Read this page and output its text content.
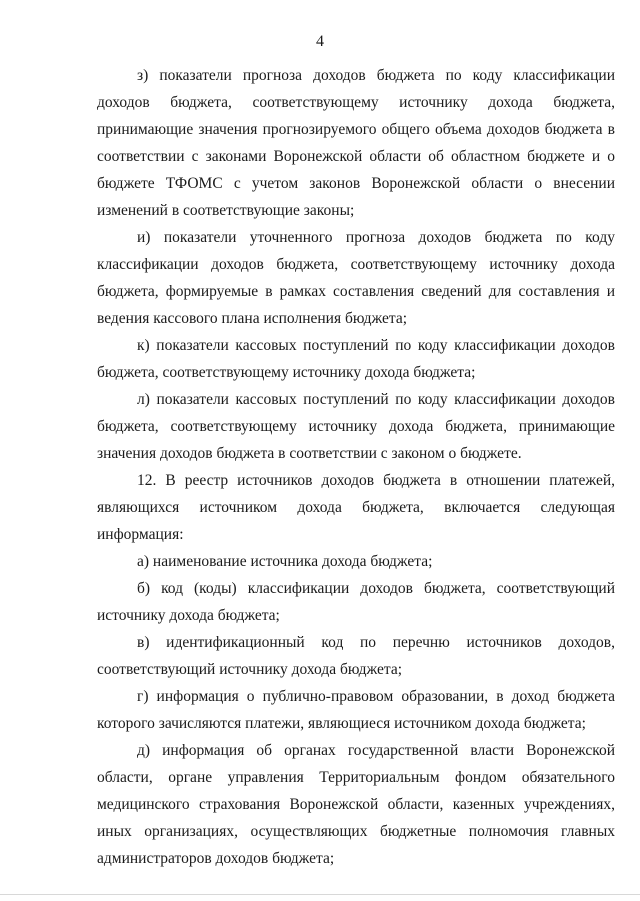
4

з) показатели прогноза доходов бюджета по коду классификации доходов бюджета, соответствующему источнику дохода бюджета, принимающие значения прогнозируемого общего объема доходов бюджета в соответствии с законами Воронежской области об областном бюджете и о бюджете ТФОМС с учетом законов Воронежской области о внесении изменений в соответствующие законы;

и) показатели уточненного прогноза доходов бюджета по коду классификации доходов бюджета, соответствующему источнику дохода бюджета, формируемые в рамках составления сведений для составления и ведения кассового плана исполнения бюджета;

к) показатели кассовых поступлений по коду классификации доходов бюджета, соответствующему источнику дохода бюджета;

л) показатели кассовых поступлений по коду классификации доходов бюджета, соответствующему источнику дохода бюджета, принимающие значения доходов бюджета в соответствии с законом о бюджете.

12. В реестр источников доходов бюджета в отношении платежей, являющихся источником дохода бюджета, включается следующая информация:

а) наименование источника дохода бюджета;

б) код (коды) классификации доходов бюджета, соответствующий источнику дохода бюджета;

в) идентификационный код по перечню источников доходов, соответствующий источнику дохода бюджета;

г) информация о публично-правовом образовании, в доход бюджета которого зачисляются платежи, являющиеся источником дохода бюджета;

д) информация об органах государственной власти Воронежской области, органе управления Территориальным фондом обязательного медицинского страхования Воронежской области, казенных учреждениях, иных организациях, осуществляющих бюджетные полномочия главных администраторов доходов бюджета;
